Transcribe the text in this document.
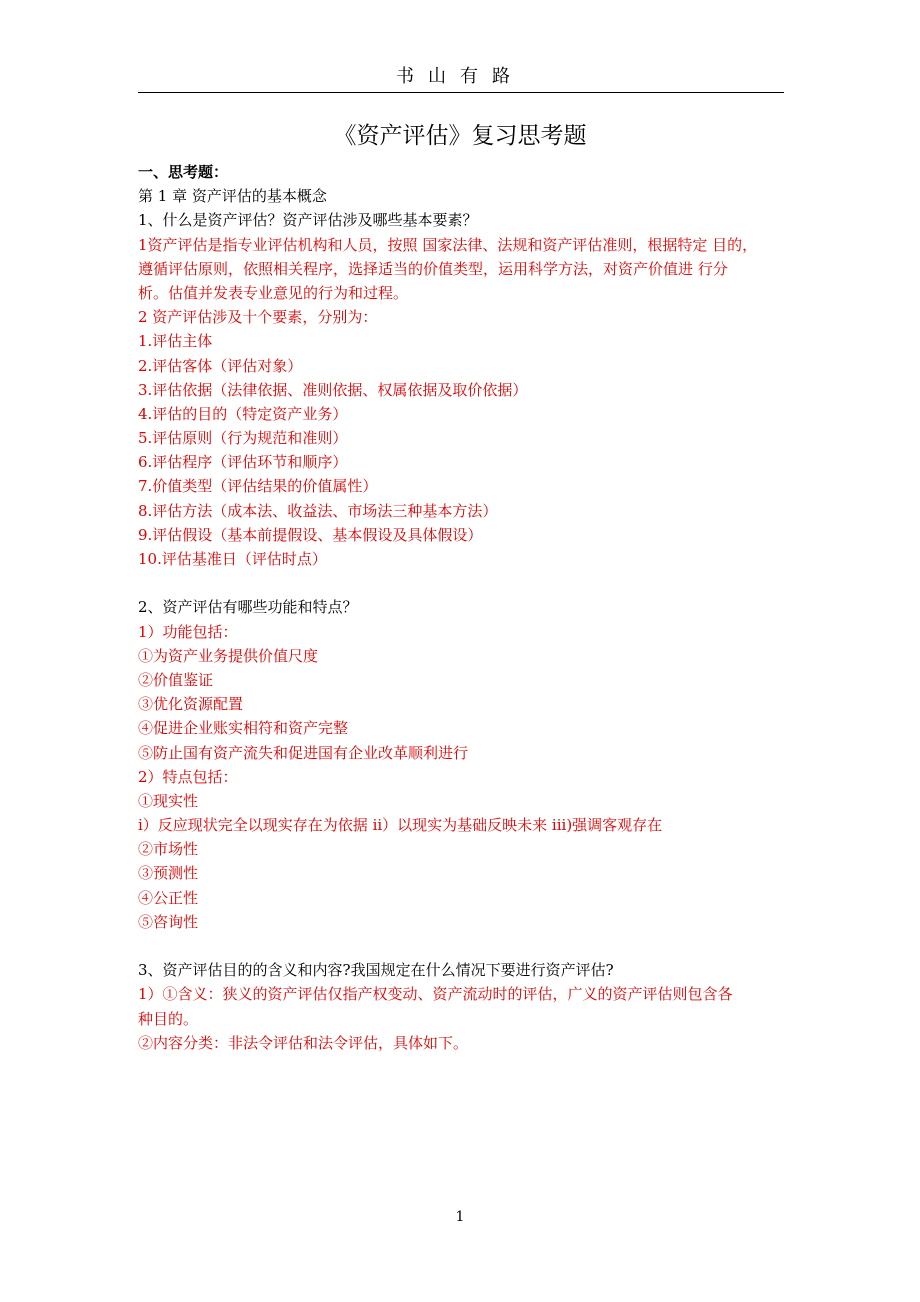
书山有路
《资产评估》复习思考题
一、思考题：
第 1 章 资产评估的基本概念
1、什么是资产评估？资产评估涉及哪些基本要素？
1资产评估是指专业评估机构和人员，按照 国家法律、法规和资产评估准则，根据特定 目的，
遵循评估原则，依照相关程序，选择适当的价值类型，运用科学方法，对资产价值进 行分
析。估值并发表专业意见的行为和过程。
2 资产评估涉及十个要素，分别为：
1.评估主体
2.评估客体（评估对象）
3.评估依据（法律依据、准则依据、权属依据及取价依据）
4.评估的目的（特定资产业务）
5.评估原则（行为规范和准则）
6.评估程序（评估环节和顺序）
7.价值类型（评估结果的价值属性）
8.评估方法（成本法、收益法、市场法三种基本方法）
9.评估假设（基本前提假设、基本假设及具体假设）
10.评估基准日（评估时点）
2、资产评估有哪些功能和特点？
1）功能包括：
①为资产业务提供价值尺度
②价值鉴证
③优化资源配置
④促进企业账实相符和资产完整
⑤防止国有资产流失和促进国有企业改革顺利进行
2）特点包括：
①现实性
i）反应现状完全以现实存在为依据 ii）以现实为基础反映未来 iii)强调客观存在
②市场性
③预测性
④公正性
⑤咨询性
3、资产评估目的的含义和内容?我国规定在什么情况下要进行资产评估?
1）①含义：狭义的资产评估仅指产权变动、资产流动时的评估，广义的资产评估则包含各
种目的。
②内容分类：非法令评估和法令评估，具体如下。
1
